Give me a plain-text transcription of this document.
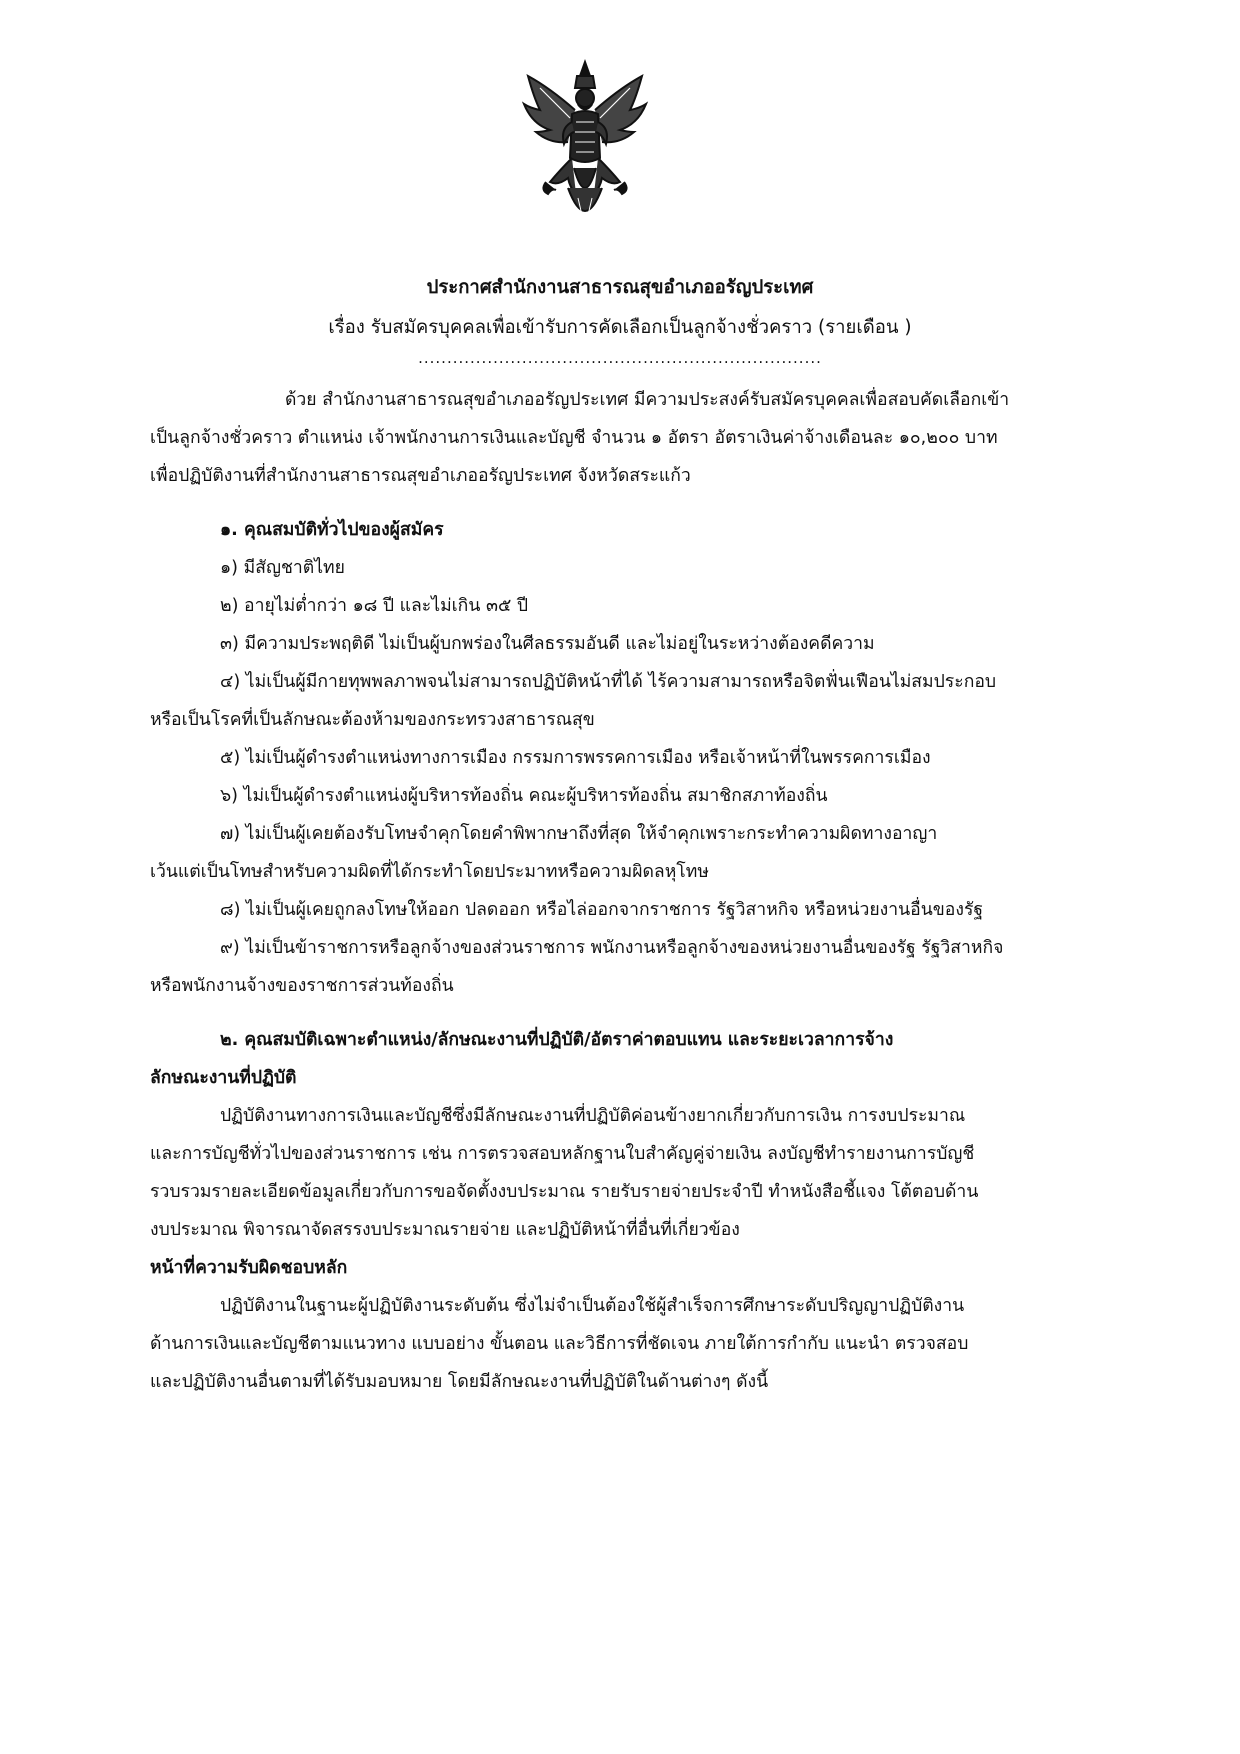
ประกาศสำนักงานสาธารณสุขอำเภออรัญประเทศ
เรื่อง รับสมัครบุคคลเพื่อเข้ารับการคัดเลือกเป็นลูกจ้างชั่วคราว (รายเดือน )
......................................................................
ด้วย สำนักงานสาธารณสุขอำเภออรัญประเทศ มีความประสงค์รับสมัครบุคคลเพื่อสอบคัดเลือกเข้า
เป็นลูกจ้างชั่วคราว ตำแหน่ง เจ้าพนักงานการเงินและบัญชี จำนวน ๑ อัตรา อัตราเงินค่าจ้างเดือนละ ๑๐,๒๐๐ บาท
เพื่อปฏิบัติงานที่สำนักงานสาธารณสุขอำเภออรัญประเทศ จังหวัดสระแก้ว
๑. คุณสมบัติทั่วไปของผู้สมัคร
๑) มีสัญชาติไทย
๒) อายุไม่ต่ำกว่า ๑๘ ปี และไม่เกิน ๓๕ ปี
๓) มีความประพฤติดี ไม่เป็นผู้บกพร่องในศีลธรรมอันดี และไม่อยู่ในระหว่างต้องคดีความ
๔) ไม่เป็นผู้มีกายทุพพลภาพจนไม่สามารถปฏิบัติหน้าที่ได้ ไร้ความสามารถหรือจิตฟั่นเฟือนไม่สมประกอบ
หรือเป็นโรคที่เป็นลักษณะต้องห้ามของกระทรวงสาธารณสุข
๕) ไม่เป็นผู้ดำรงตำแหน่งทางการเมือง กรรมการพรรคการเมือง หรือเจ้าหน้าที่ในพรรคการเมือง
๖) ไม่เป็นผู้ดำรงตำแหน่งผู้บริหารท้องถิ่น คณะผู้บริหารท้องถิ่น สมาชิกสภาท้องถิ่น
๗) ไม่เป็นผู้เคยต้องรับโทษจำคุกโดยคำพิพากษาถึงที่สุด ให้จำคุกเพราะกระทำความผิดทางอาญา
เว้นแต่เป็นโทษสำหรับความผิดที่ได้กระทำโดยประมาทหรือความผิดลหุโทษ
๘) ไม่เป็นผู้เคยถูกลงโทษให้ออก ปลดออก หรือไล่ออกจากราชการ รัฐวิสาหกิจ หรือหน่วยงานอื่นของรัฐ
๙) ไม่เป็นข้าราชการหรือลูกจ้างของส่วนราชการ พนักงานหรือลูกจ้างของหน่วยงานอื่นของรัฐ รัฐวิสาหกิจ
หรือพนักงานจ้างของราชการส่วนท้องถิ่น
๒. คุณสมบัติเฉพาะตำแหน่ง/ลักษณะงานที่ปฏิบัติ/อัตราค่าตอบแทน และระยะเวลาการจ้าง
ลักษณะงานที่ปฏิบัติ
ปฏิบัติงานทางการเงินและบัญชีซึ่งมีลักษณะงานที่ปฏิบัติค่อนข้างยากเกี่ยวกับการเงิน การงบประมาณ
และการบัญชีทั่วไปของส่วนราชการ เช่น การตรวจสอบหลักฐานใบสำคัญคู่จ่ายเงิน ลงบัญชีทำรายงานการบัญชี
รวบรวมรายละเอียดข้อมูลเกี่ยวกับการขอจัดตั้งงบประมาณ รายรับรายจ่ายประจำปี ทำหนังสือชี้แจง โต้ตอบด้าน
งบประมาณ พิจารณาจัดสรรงบประมาณรายจ่าย และปฏิบัติหน้าที่อื่นที่เกี่ยวข้อง
หน้าที่ความรับผิดชอบหลัก
ปฏิบัติงานในฐานะผู้ปฏิบัติงานระดับต้น ซึ่งไม่จำเป็นต้องใช้ผู้สำเร็จการศึกษาระดับปริญญาปฏิบัติงาน
ด้านการเงินและบัญชีตามแนวทาง แบบอย่าง ขั้นตอน และวิธีการที่ชัดเจน ภายใต้การกำกับ แนะนำ ตรวจสอบ
และปฏิบัติงานอื่นตามที่ได้รับมอบหมาย โดยมีลักษณะงานที่ปฏิบัติในด้านต่างๆ ดังนี้
